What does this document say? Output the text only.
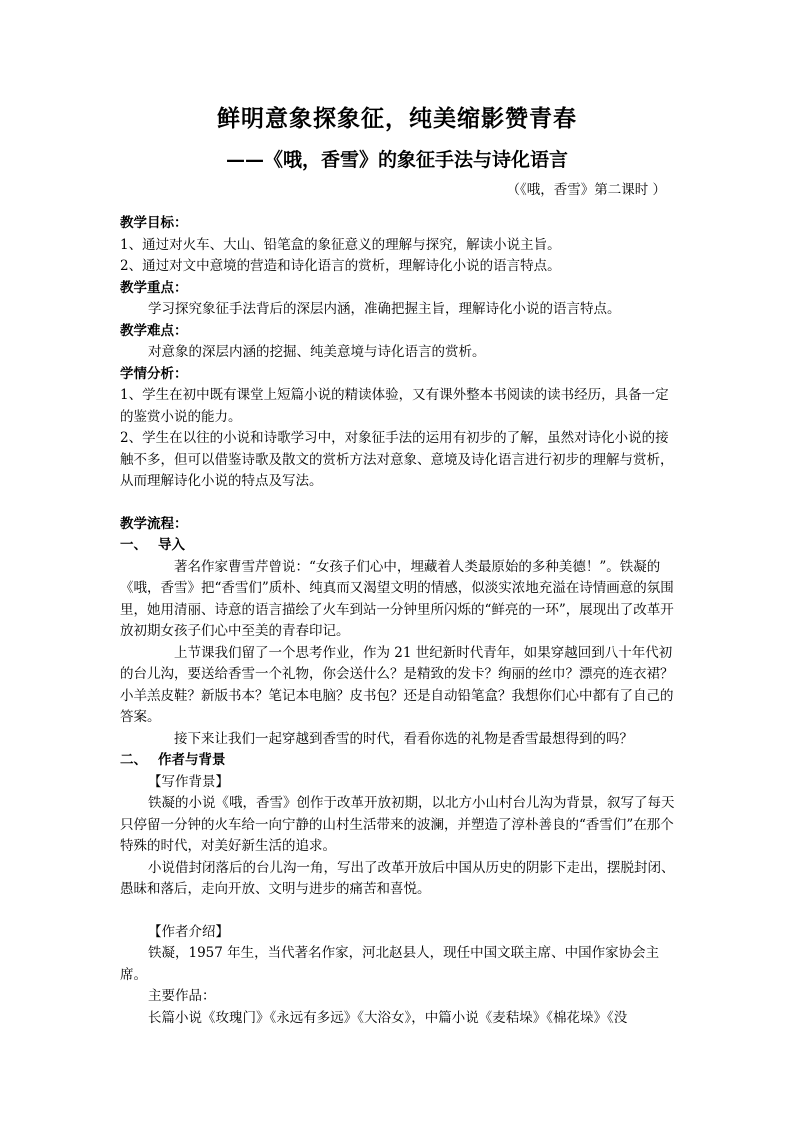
鲜明意象探象征，纯美缩影赞青春
——《哦，香雪》的象征手法与诗化语言
（《哦，香雪》第二课时 ）

教学目标：

1、通过对火车、大山、铅笔盒的象征意义的理解与探究，解读小说主旨。

2、通过对文中意境的营造和诗化语言的赏析，理解诗化小说的语言特点。

教学重点：

学习探究象征手法背后的深层内涵，准确把握主旨，理解诗化小说的语言特点。

教学难点：

对意象的深层内涵的挖掘、纯美意境与诗化语言的赏析。

学情分析：

1、学生在初中既有课堂上短篇小说的精读体验，又有课外整本书阅读的读书经历，具备一定的鉴赏小说的能力。

2、学生在以往的小说和诗歌学习中，对象征手法的运用有初步的了解，虽然对诗化小说的接触不多，但可以借鉴诗歌及散文的赏析方法对意象、意境及诗化语言进行初步的理解与赏析，从而理解诗化小说的特点及写法。

教学流程：

一、 导入

著名作家曹雪芹曾说：“女孩子们心中，埋藏着人类最原始的多种美德！”。铁凝的《哦，香雪》把“香雪们”质朴、纯真而又渴望文明的情感，似淡实浓地充溢在诗情画意的氛围里，她用清丽、诗意的语言描绘了火车到站一分钟里所闪烁的“鲜亮的一环”，展现出了改革开放初期女孩子们心中至美的青春印记。

上节课我们留了一个思考作业，作为 21 世纪新时代青年，如果穿越回到八十年代初的台儿沟，要送给香雪一个礼物，你会送什么？是精致的发卡？绚丽的丝巾？漂亮的连衣裙？小羊羔皮鞋？新版书本？笔记本电脑？皮书包？还是自动铅笔盒？我想你们心中都有了自己的答案。

接下来让我们一起穿越到香雪的时代，看看你选的礼物是香雪最想得到的吗？

二、 作者与背景

【写作背景】

铁凝的小说《哦，香雪》创作于改革开放初期，以北方小山村台儿沟为背景，叙写了每天只停留一分钟的火车给一向宁静的山村生活带来的波澜，并塑造了淳朴善良的“香雪们”在那个特殊的时代，对美好新生活的追求。

小说借封闭落后的台儿沟一角，写出了改革开放后中国从历史的阴影下走出，摆脱封闭、愚昧和落后，走向开放、文明与进步的痛苦和喜悦。

【作者介绍】

铁凝，1957 年生，当代著名作家，河北赵县人，现任中国文联主席、中国作家协会主席。

主要作品：

长篇小说《玫瑰门》《永远有多远》《大浴女》，中篇小说《麦秸垛》《棉花垛》《没
